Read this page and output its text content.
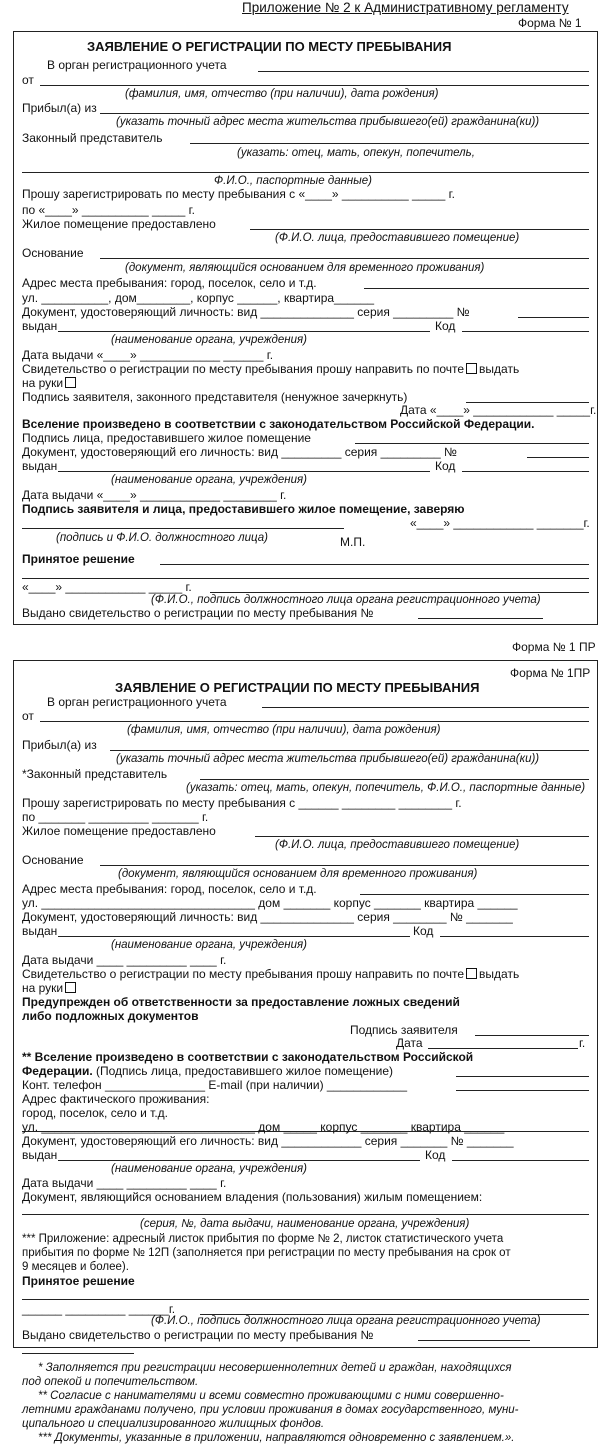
Приложение № 2 к Административному регламенту
Форма № 1
ЗАЯВЛЕНИЕ О РЕГИСТРАЦИИ ПО МЕСТУ ПРЕБЫВАНИЯ
В орган регистрационного учета
от
(фамилия, имя, отчество (при наличии), дата рождения)
Прибыл(а) из
(указать точный адрес места жительства прибывшего(ей) гражданина(ки))
Законный представитель
(указать: отец, мать, опекун, попечитель,
Ф.И.О., паспортные данные)
Прошу зарегистрировать по месту пребывания с «____» __________ _____ г.
по «____» __________ _____ г.
Жилое помещение предоставлено
(Ф.И.О. лица, предоставившего помещение)
Основание
(документ, являющийся основанием для временного проживания)
Адрес места пребывания: город, поселок, село и т.д.
ул. __________, дом________, корпус ______, квартира______
Документ, удостоверяющий личность: вид ______________ серия _________ №
выдан	Код
(наименование органа, учреждения)
Дата выдачи «____» ____________ ______ г.
Свидетельство о регистрации по месту пребывания прошу направить по почте выдать
на руки
Подпись заявителя, законного представителя (ненужное зачеркнуть)
Дата «____» ____________ _____г.
Вселение произведено в соответствии с законодательством Российской Федерации.
Подпись лица, предоставившего жилое помещение
Документ, удостоверяющий его личность: вид _________ серия _________ №
выдан	Код
(наименование органа, учреждения)
Дата выдачи «____» ____________ ________ г.
Подпись заявителя и лица, предоставившего жилое помещение, заверяю
«____» ____________ _______г.
(подпись и Ф.И.О. должностного лица)	М.П.
Принятое решение
«____» ____________ _____ г.
(Ф.И.О., подпись должностного лица органа регистрационного учета)
Выдано свидетельство о регистрации по месту пребывания №
Форма № 1 ПР
Форма № 1ПР
ЗАЯВЛЕНИЕ О РЕГИСТРАЦИИ ПО МЕСТУ ПРЕБЫВАНИЯ
В орган регистрационного учета
от
(фамилия, имя, отчество (при наличии), дата рождения)
Прибыл(а) из
(указать точный адрес места жительства прибывшего(ей) гражданина(ки))
*Законный представитель
(указать: отец, мать, опекун, попечитель, Ф.И.О., паспортные данные)
Прошу зарегистрировать по месту пребывания с ______ ________ ________ г.
по _______ _________ _______ г.
Жилое помещение предоставлено
(Ф.И.О. лица, предоставившего помещение)
Основание
(документ, являющийся основанием для временного проживания)
Адрес места пребывания: город, поселок, село и т.д.
ул. ________________________________ дом _______ корпус _______ квартира ______
Документ, удостоверяющий личность: вид ______________ серия ________ № _______
выдан	Код
(наименование органа, учреждения)
Дата выдачи ____ _________ ____ г.
Свидетельство о регистрации по месту пребывания прошу направить по почте выдать
на руки
Предупрежден об ответственности за предоставление ложных сведений
либо подложных документов
Подпись заявителя
Дата	г.
** Вселение произведено в соответствии с законодательством Российской
Федерации. (Подпись лица, предоставившего жилое помещение)
Конт. телефон _______________ E-mail (при наличии) ____________
Адрес фактического проживания:
город, поселок, село и т.д.
ул. ________________________________ дом _____ корпус _______ квартира ______
Документ, удостоверяющий его личность: вид ____________ серия _______ № _______
выдан	Код
(наименование органа, учреждения)
Дата выдачи ____ _________ ____ г.
Документ, являющийся основанием владения (пользования) жилым помещением:
(серия, №, дата выдачи, наименование органа, учреждения)
*** Приложение: адресный листок прибытия по форме № 2, листок статистического учета
прибытия по форме № 12П (заполняется при регистрации по месту пребывания на срок от
9 месяцев и более).
Принятое решение
______ _________ ______г.
(Ф.И.О., подпись должностного лица органа регистрационного учета)
Выдано свидетельство о регистрации по месту пребывания №
* Заполняется при регистрации несовершеннолетних детей и граждан, находящихся
под опекой и попечительством.
** Согласие с нанимателями и всеми совместно проживающими с ними совершенно-
летними гражданами получено, при условии проживания в домах государственного, муни-
ципального и специализированного жилищных фондов.
*** Документы, указанные в приложении, направляются одновременно с заявлением.».
